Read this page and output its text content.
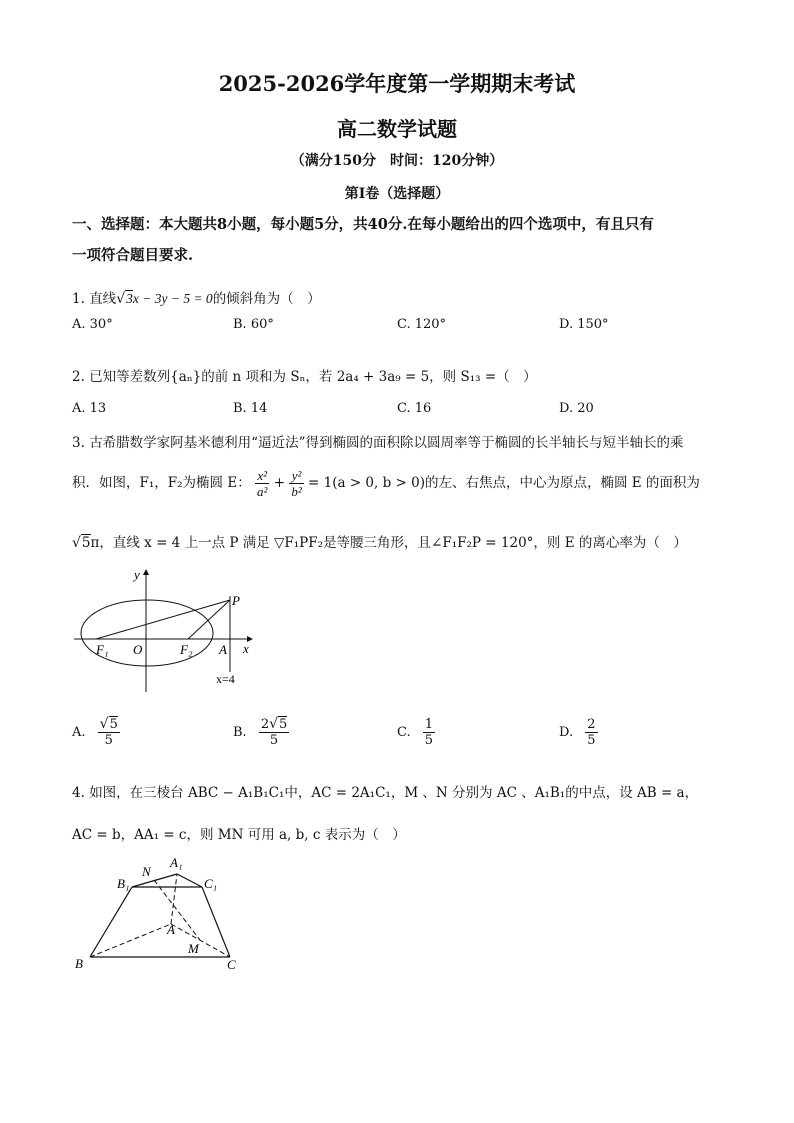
2025-2026学年度第一学期期末考试
高二数学试题
（满分150分　时间：120分钟）
第Ⅰ卷（选择题）
一、选择题：本大题共8小题，每小题5分，共40分.在每小题给出的四个选项中，有且只有
一项符合题目要求.
1. 直线√3x − 3y − 5 = 0的倾斜角为（　）
A. 30°	B. 60°	C. 120°	D. 150°
2. 已知等差数列{aₙ}的前 n 项和为 Sₙ，若 2a₄ + 3a₉ = 5，则 S₁₃ =（　）
A. 13	B. 14	C. 16	D. 20
3. 古希腊数学家阿基米德利用“逼近法”得到椭圆的面积除以圆周率等于椭圆的长半轴长与短半轴长的乘
积．如图，F₁，F₂为椭圆 E： $\frac{\text{x²}}{\text{a²}} + \frac{\text{y²}}{\text{b²}} = 1(a > 0$, b > 0)的左、右焦点，中心为原点，椭圆 E 的面积为
√5π，直线 x = 4 上一点 P 满足 ▽F₁PF₂是等腰三角形，且∠F₁F₂P = 120°，则 E 的离心率为（　）
y
P
F₁ O	F₂ A x
x=4
A. $\frac{√5}{5}$	B. $\frac{2√5}{5}$	C. $\frac{1}{5}$	D. $\frac{2}{5}$
4. 如图，在三棱台 ABC − A₁B₁C₁中，AC = 2A₁C₁，M 、N 分别为 AC 、A₁B₁的中点，设 AB = a，
AC = b，AA₁ = c，则 MN 可用 a, b, c 表示为（　）
A₁
N
B₁	C₁
A
M
B	C
